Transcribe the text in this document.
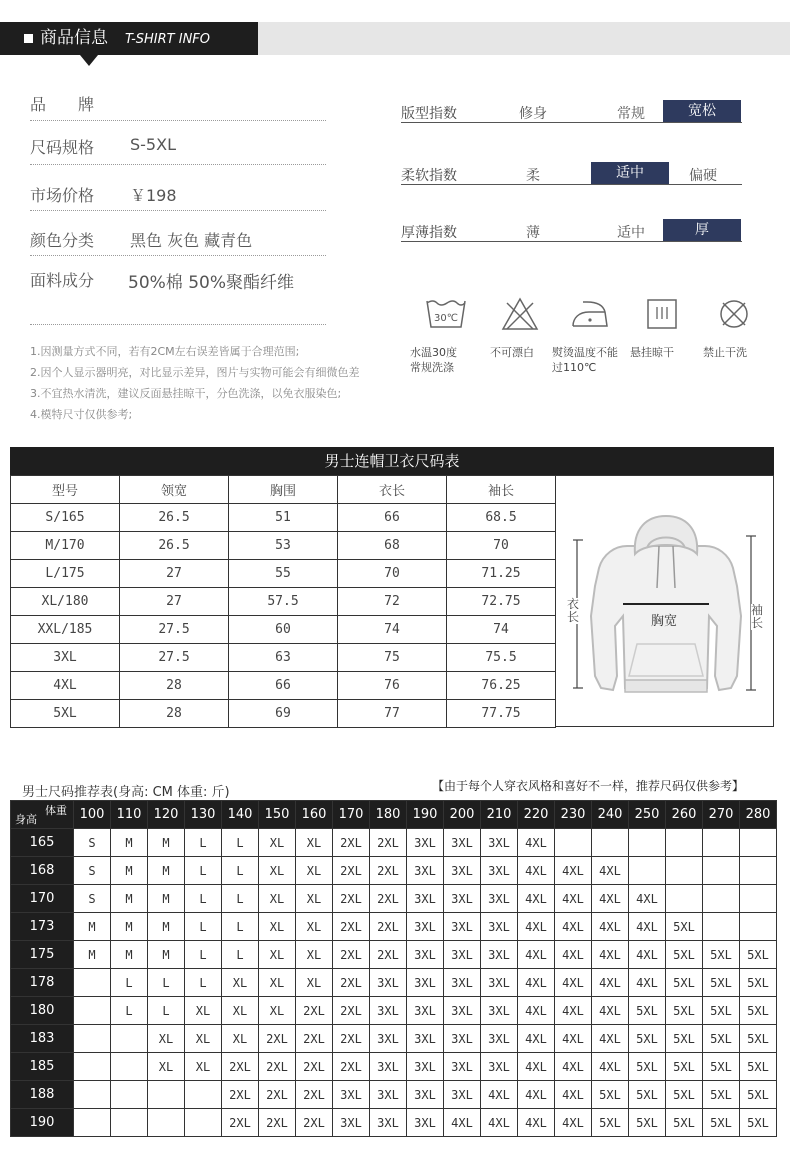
商品信息 T-SHIRT INFO
品　　牌
尺码规格 S-5XL
市场价格 ￥198
颜色分类 黑色 灰色 藏青色
面料成分 50%棉 50%聚酯纤维
版型指数	修身	常规	宽松
柔软指数	柔	适中	偏硬
厚薄指数	薄	适中	厚
30℃
水温30度
常规洗涤
不可漂白 熨烫温度不能
过110℃
悬挂晾干	禁止干洗
1.因测量方式不同，若有2CM左右误差皆属于合理范围;
2.因个人显示器明亮，对比显示差异，图片与实物可能会有细微色差
3.不宜热水清洗，建议反面悬挂晾干，分色洗涤，以免衣服染色;
4.模特尺寸仅供参考;
男士连帽卫衣尺码表
型号	领宽	胸围	衣长	袖长
S/165	26.5	51	66	68.5
M/170	26.5	53	68	70
L/175	27	55	70	71.25
XL/180	27	57.5	72	72.75
XXL/185	27.5	60	74	74
3XL	27.5	63	75	75.5
4XL	28	66	76	76.25
5XL	28	69	77	77.75
衣长	胸宽
袖长
男士尺码推荐表(身高: CM 体重: 斤)	【由于每个人穿衣风格和喜好不一样，推荐尺码仅供参考】
体重
身高	100	110	120	130	140	150	160	170	180	190	200	210	220	230	240	250	260	270	280
165	S	M	M	L	L	XL	XL	2XL	2XL	3XL	3XL	3XL	4XL						
168	S	M	M	L	L	XL	XL	2XL	2XL	3XL	3XL	3XL	4XL	4XL	4XL				
170	S	M	M	L	L	XL	XL	2XL	2XL	3XL	3XL	3XL	4XL	4XL	4XL	4XL			
173	M	M	M	L	L	XL	XL	2XL	2XL	3XL	3XL	3XL	4XL	4XL	4XL	4XL	5XL		
175	M	M	M	L	L	XL	XL	2XL	2XL	3XL	3XL	3XL	4XL	4XL	4XL	4XL	5XL	5XL	5XL
178		L	L	L	XL	XL	XL	2XL	3XL	3XL	3XL	3XL	4XL	4XL	4XL	4XL	5XL	5XL	5XL
180		L	L	XL	XL	XL	2XL	2XL	3XL	3XL	3XL	3XL	4XL	4XL	4XL	5XL	5XL	5XL	5XL
183			XL	XL	XL	2XL	2XL	2XL	3XL	3XL	3XL	3XL	4XL	4XL	4XL	5XL	5XL	5XL	5XL
185			XL	XL	2XL	2XL	2XL	2XL	3XL	3XL	3XL	3XL	4XL	4XL	4XL	5XL	5XL	5XL	5XL
188					2XL	2XL	2XL	3XL	3XL	3XL	3XL	4XL	4XL	4XL	5XL	5XL	5XL	5XL	5XL
190					2XL	2XL	2XL	3XL	3XL	3XL	4XL	4XL	4XL	4XL	5XL	5XL	5XL	5XL	5XL
